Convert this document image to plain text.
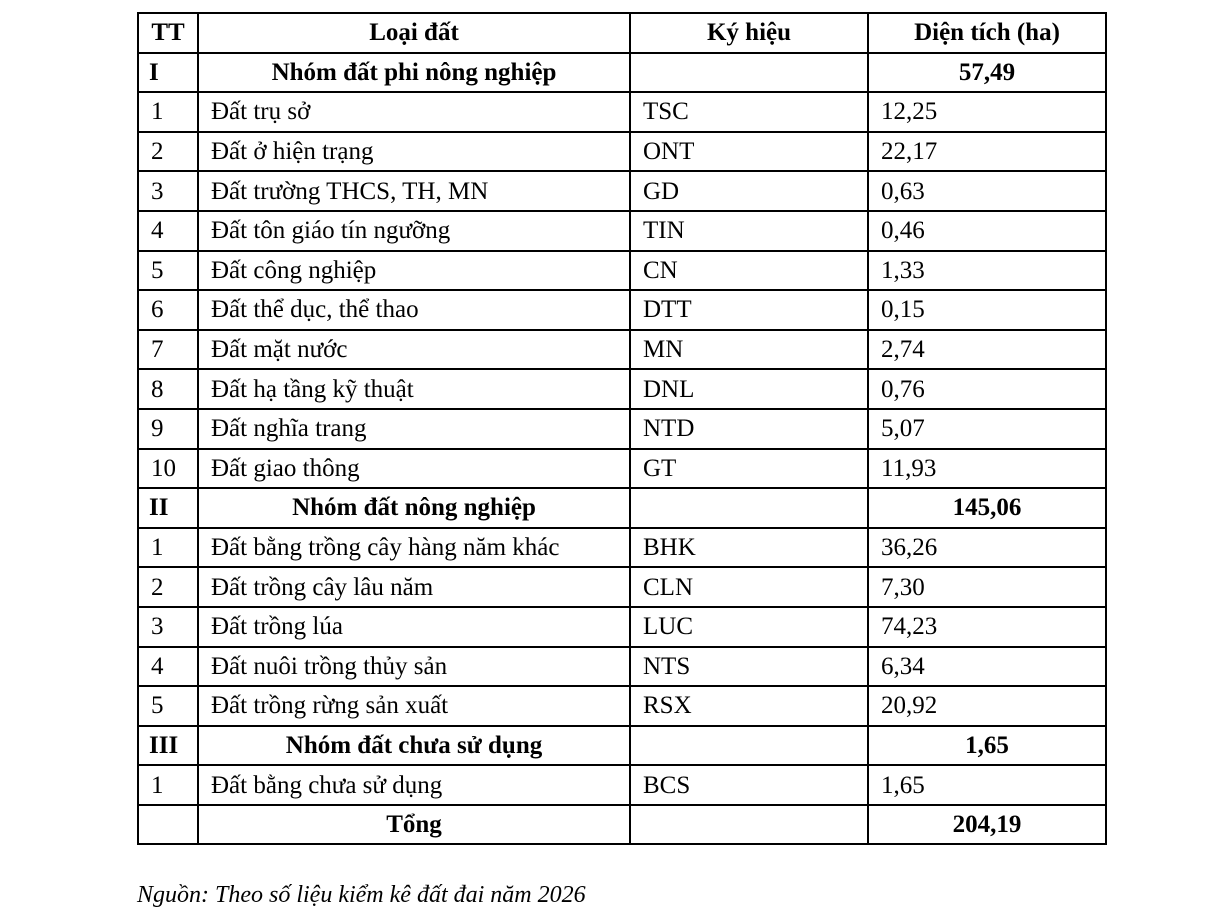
TT	Loại đất	Ký hiệu	Diện tích (ha)
I	Nhóm đất phi nông nghiệp		57,49
1	Đất trụ sở	TSC	12,25
2	Đất ở hiện trạng	ONT	22,17
3	Đất trường THCS, TH, MN	GD	0,63
4	Đất tôn giáo tín ngưỡng	TIN	0,46
5	Đất công nghiệp	CN	1,33
6	Đất thể dục, thể thao	DTT	0,15
7	Đất mặt nước	MN	2,74
8	Đất hạ tầng kỹ thuật	DNL	0,76
9	Đất nghĩa trang	NTD	5,07
10	Đất giao thông	GT	11,93
II	Nhóm đất nông nghiệp		145,06
1	Đất bằng trồng cây hàng năm khác	BHK	36,26
2	Đất trồng cây lâu năm	CLN	7,30
3	Đất trồng lúa	LUC	74,23
4	Đất nuôi trồng thủy sản	NTS	6,34
5	Đất trồng rừng sản xuất	RSX	20,92
III	Nhóm đất chưa sử dụng		1,65
1	Đất bằng chưa sử dụng	BCS	1,65
	Tổng		204,19
Nguồn: Theo số liệu kiểm kê đất đai năm 2026
